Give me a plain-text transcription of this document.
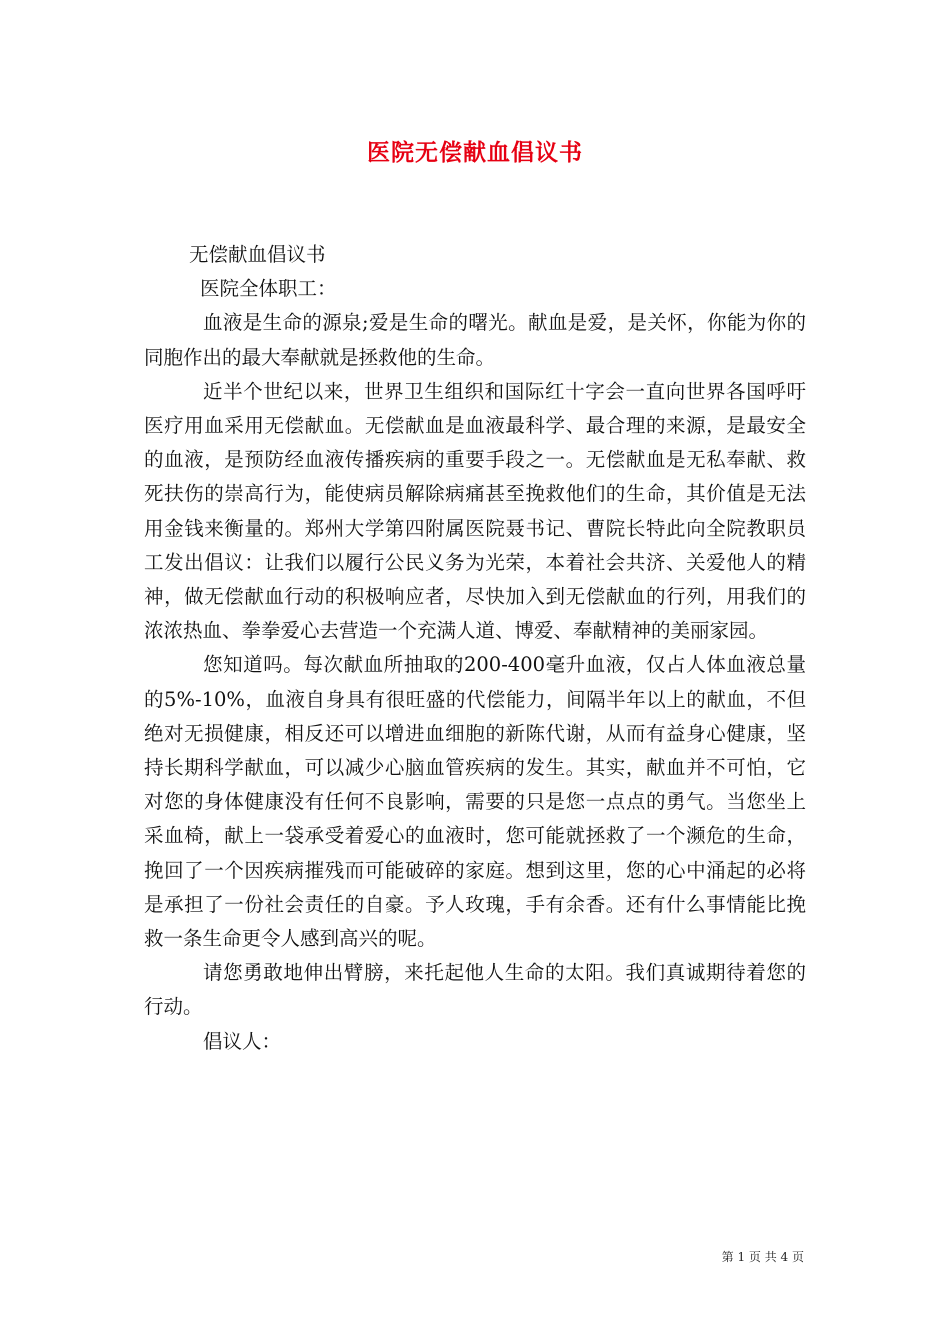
医院无偿献血倡议书

无偿献血倡议书

医院全体职工：

血液是生命的源泉;爱是生命的曙光。献血是爱，是关怀，你能为你的同胞作出的最大奉献就是拯救他的生命。

近半个世纪以来，世界卫生组织和国际红十字会一直向世界各国呼吁医疗用血采用无偿献血。无偿献血是血液最科学、最合理的来源，是最安全的血液，是预防经血液传播疾病的重要手段之一。无偿献血是无私奉献、救死扶伤的崇高行为，能使病员解除病痛甚至挽救他们的生命，其价值是无法用金钱来衡量的。郑州大学第四附属医院聂书记、曹院长特此向全院教职员工发出倡议：让我们以履行公民义务为光荣，本着社会共济、关爱他人的精神，做无偿献血行动的积极响应者，尽快加入到无偿献血的行列，用我们的浓浓热血、拳拳爱心去营造一个充满人道、博爱、奉献精神的美丽家园。

您知道吗。每次献血所抽取的200-400毫升血液，仅占人体血液总量的5%-10%，血液自身具有很旺盛的代偿能力，间隔半年以上的献血，不但绝对无损健康，相反还可以增进血细胞的新陈代谢，从而有益身心健康，坚持长期科学献血，可以减少心脑血管疾病的发生。其实，献血并不可怕，它对您的身体健康没有任何不良影响，需要的只是您一点点的勇气。当您坐上采血椅，献上一袋承受着爱心的血液时，您可能就拯救了一个濒危的生命，挽回了一个因疾病摧残而可能破碎的家庭。想到这里，您的心中涌起的必将是承担了一份社会责任的自豪。予人玫瑰，手有余香。还有什么事情能比挽救一条生命更令人感到高兴的呢。

请您勇敢地伸出臂膀，来托起他人生命的太阳。我们真诚期待着您的行动。

倡议人：

第 1 页 共 4 页
